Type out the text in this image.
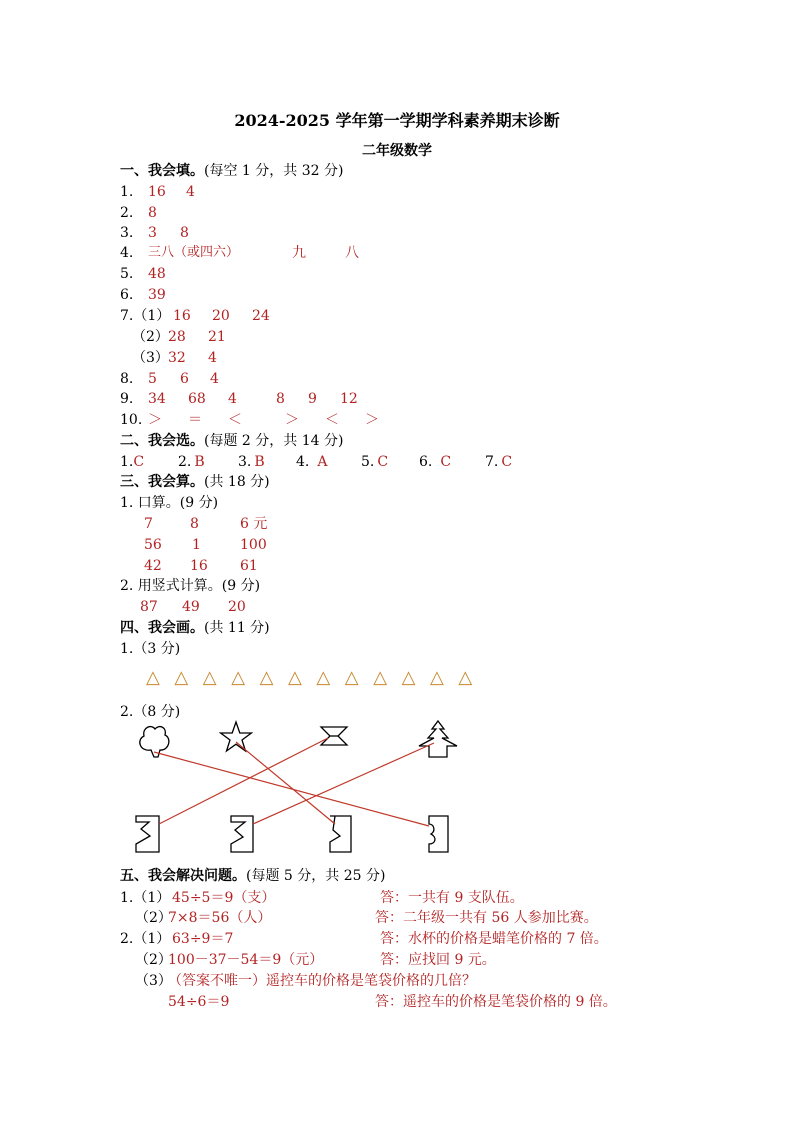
2024-2025 学年第一学期学科素养期末诊断
二年级数学
一、我会填。(每空 1 分，共 32 分)
1. 16 4
2. 8
3. 3 8
4. 三八（或四六）	九	八
5. 48
6. 39
7.（1） 16 20 24
（2） 28 21
（3） 32 4
8. 5 6 4
9. 34 68 4	8 9 12
10. ＞ ＝ ＜	＞ ＜ ＞
二、我会选。(每题 2 分，共 14 分)
1.C 2. B 3. B 4. A 5. C 6. C 7. C
三、我会算。(共 18 分)
1. 口算。(9 分)
7	8	6 元
56 1	100
42 16 61
2. 用竖式计算。(9 分)
87 49 20
四、我会画。(共 11 分)
1.（3 分)
△ △ △ △ △ △ △ △ △ △ △ △
2.（8 分)
五、我会解决问题。(每题 5 分，共 25 分)
1.（1） 45÷5＝9（支）	答：一共有 9 支队伍。
（2）
7×8＝56（人）	答：二年级一共有 56 人参加比赛。
2.（1） 63÷9＝7	答：水杯的价格是蜡笔价格的 7 倍。
（2）
100－37－54＝9（元）	答：应找回 9 元。
（3）
（答案不唯一）遥控车的价格是笔袋价格的几倍？
54÷6＝9	答：遥控车的价格是笔袋价格的 9 倍。
